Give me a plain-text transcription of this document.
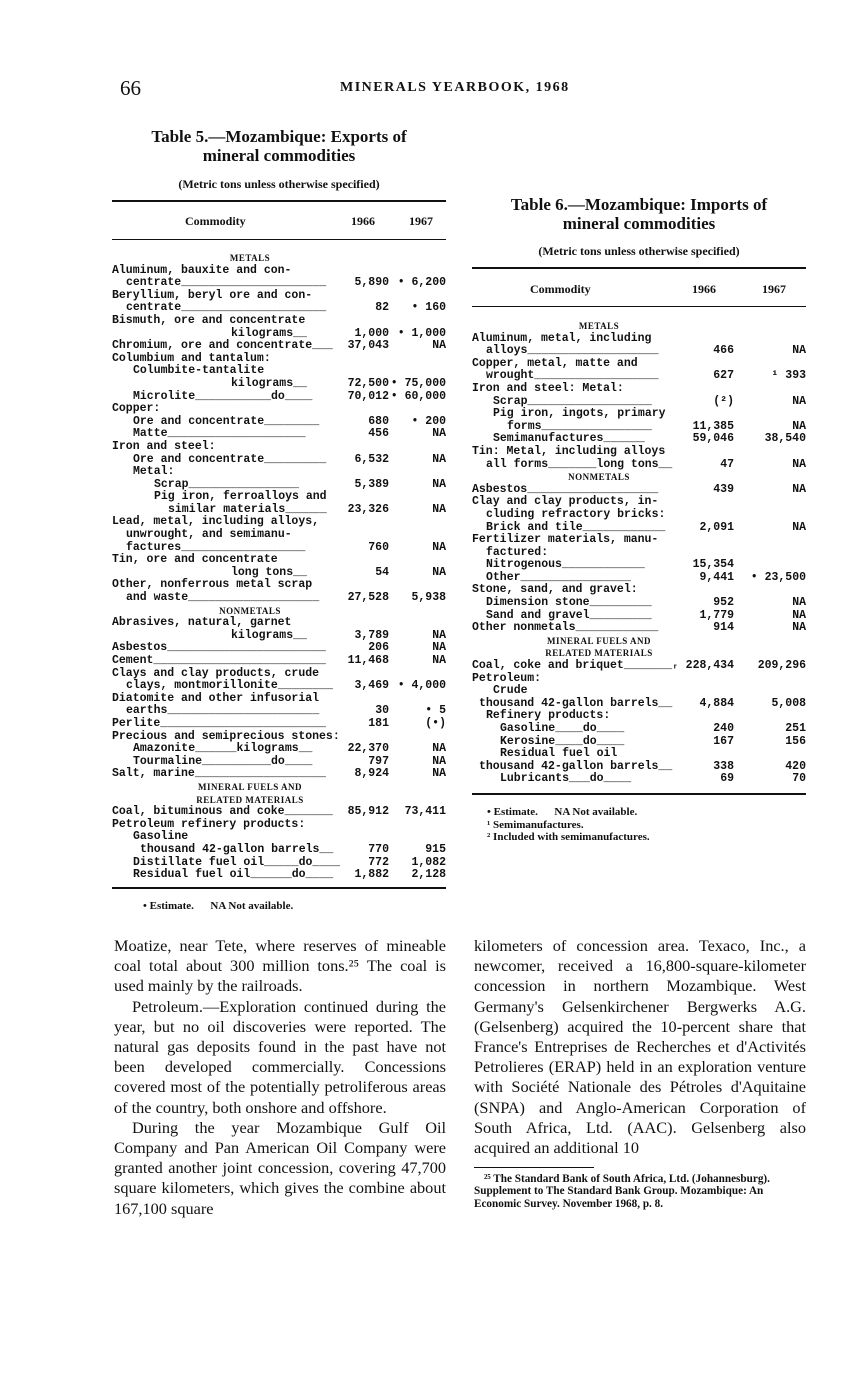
66	MINERALS YEARBOOK, 1968
Table 5.—Mozambique: Exports of
mineral commodities
(Metric tons unless otherwise specified)
Commodity	1966	1967
METALS
Aluminum, bauxite and con-
centrate_____________________ 5,890 • 6,200
Beryllium, beryl ore and con-
centrate_____________________	82 • 160
Bismuth, ore and concentrate
kilograms__	1,000 • 1,000
Chromium, ore and concentrate___ 37,043	NA
Columbium and tantalum:
Columbite-tantalite
kilograms__	72,500 • 75,000
Microlite___________do____	70,012 • 60,000
Copper:
Ore and concentrate________	680 • 200
Matte____________________	456	NA
Iron and steel:
Ore and concentrate_________ 6,532	NA
Metal:
Scrap________________	5,389	NA
Pig iron, ferroalloys and
similar materials______ 23,326	NA
Lead, metal, including alloys,
unwrought, and semimanu-
factures__________________	760	NA
Tin, ore and concentrate
long tons__	54	NA
Other, nonferrous metal scrap
and waste___________________ 27,528 5,938
NONMETALS
Abrasives, natural, garnet
kilograms__	3,789	NA
Asbestos_______________________	206	NA
Cement_________________________ 11,468	NA
Clays and clay products, crude
clays, montmorillonite________ 3,469 • 4,000
Diatomite and other infusorial
earths______________________	30	• 5
Perlite________________________	181	(•)
Precious and semiprecious stones:
Amazonite______kilograms__	22,370	NA
Tourmaline__________do____	797	NA
Salt, marine___________________ 8,924	NA
MINERAL FUELS AND
RELATED MATERIALS
Coal, bituminous and coke_______ 85,912 73,411
Petroleum refinery products:
Gasoline
thousand 42-gallon barrels__	770	915
Distillate fuel oil_____do____ 772 1,082
Residual fuel oil______do____ 1,882 2,128
• Estimate.      NA Not available.
Table 6.—Mozambique: Imports of
mineral commodities
(Metric tons unless otherwise specified)
Commodity	1966	1967
METALS
Aluminum, metal, including
alloys___________________	466	NA
Copper, metal, matte and
wrought__________________	627	¹ 393
Iron and steel: Metal:
Scrap__________________	(²)	NA
Pig iron, ingots, primary
forms________________	11,385	NA
Semimanufactures______	59,046	38,540
Tin: Metal, including alloys
all forms_______long tons__	47	NA
NONMETALS
Asbestos___________________	439	NA
Clay and clay products, in-
cluding refractory bricks:
Brick and tile____________	2,091	NA
Fertilizer materials, manu-
factured:
Nitrogenous____________	15,354
Other________________	9,441 • 23,500
Stone, sand, and gravel:
Dimension stone_________	952	NA
Sand and gravel_________	1,779	NA
Other nonmetals____________	914	NA
MINERAL FUELS AND
RELATED MATERIALS
Coal, coke and briquet_______ ᵣ 228,434 209,296
Petroleum:
Crude
thousand 42-gallon barrels__ 4,884	5,008
Refinery products:
Gasoline____do____	240	251
Kerosine____do____	167	156
Residual fuel oil
thousand 42-gallon barrels__	338	420
Lubricants___do____	69	70
• Estimate.      NA Not available.
¹ Semimanufactures.
² Included with semimanufactures.

Moatize, near Tete, where reserves of mineable coal total about 300 million tons.²⁵ The coal is used mainly by the railroads.

Petroleum.—Exploration continued during the year, but no oil discoveries were reported. The natural gas deposits found in the past have not been developed commercially. Concessions covered most of the potentially petroliferous areas of the country, both onshore and offshore.

During the year Mozambique Gulf Oil Company and Pan American Oil Company were granted another joint concession, covering 47,700 square kilometers, which gives the combine about 167,100 square

kilometers of concession area. Texaco, Inc., a newcomer, received a 16,800-square-kilometer concession in northern Mozambique. West Germany's Gelsenkirchener Bergwerks A.G. (Gelsenberg) acquired the 10-percent share that France's Entreprises de Recherches et d'Activités Petrolieres (ERAP) held in an exploration venture with Société Nationale des Pétroles d'Aquitaine (SNPA) and Anglo-American Corporation of South Africa, Ltd. (AAC). Gelsenberg also acquired an additional 10

²⁵ The Standard Bank of South Africa, Ltd. (Johannesburg). Supplement to The Standard Bank Group. Mozambique: An Economic Survey. November 1968, p. 8.
